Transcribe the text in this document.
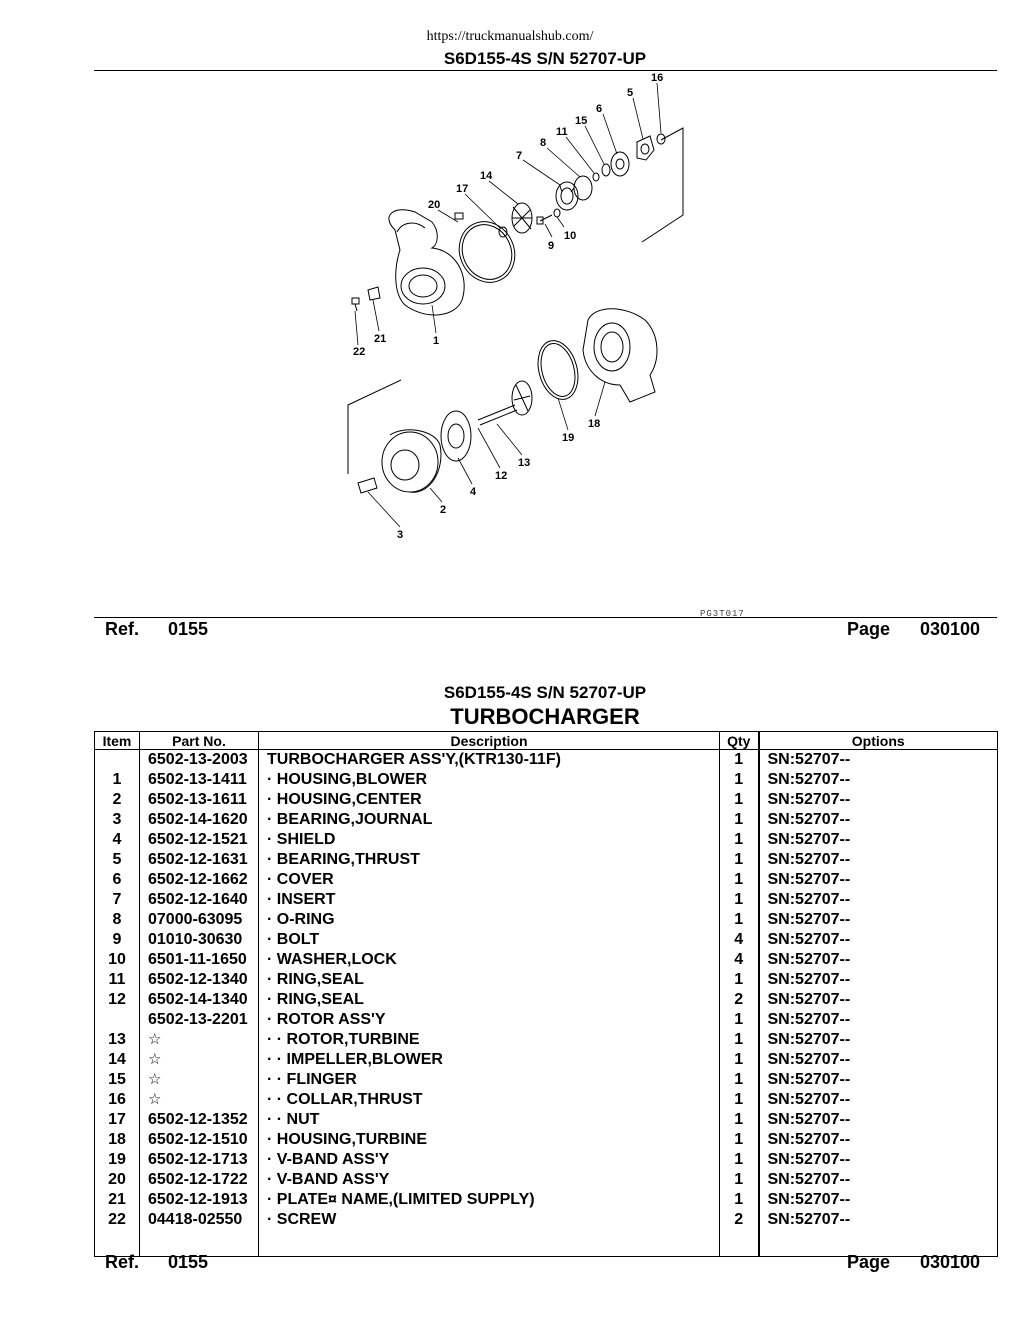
https://truckmanualshub.com/
S6D155-4S S/N 52707-UP
16
5
6
15
11
8
7
14
17
20
10
9
21	1
22
18
19
13
12
4
2
3
PG3T017
Ref. 0155	Page 030100
S6D155-4S S/N 52707-UP
TURBOCHARGER
Item	Part No.	Description	Qty	Options
	6502-13-2003	TURBOCHARGER ASS'Y,(KTR130-11F)	1	SN:52707--
1	6502-13-1411	· HOUSING,BLOWER	1	SN:52707--
2	6502-13-1611	· HOUSING,CENTER	1	SN:52707--
3	6502-14-1620	· BEARING,JOURNAL	1	SN:52707--
4	6502-12-1521	· SHIELD	1	SN:52707--
5	6502-12-1631	· BEARING,THRUST	1	SN:52707--
6	6502-12-1662	· COVER	1	SN:52707--
7	6502-12-1640	· INSERT	1	SN:52707--
8	07000-63095	· O-RING	1	SN:52707--
9	01010-30630	· BOLT	4	SN:52707--
10	6501-11-1650	· WASHER,LOCK	4	SN:52707--
11	6502-12-1340	· RING,SEAL	1	SN:52707--
12	6502-14-1340	· RING,SEAL	2	SN:52707--
	6502-13-2201	· ROTOR ASS'Y	1	SN:52707--
13	☆	· · ROTOR,TURBINE	1	SN:52707--
14	☆	· · IMPELLER,BLOWER	1	SN:52707--
15	☆	· · FLINGER	1	SN:52707--
16	☆	· · COLLAR,THRUST	1	SN:52707--
17	6502-12-1352	· · NUT	1	SN:52707--
18	6502-12-1510	· HOUSING,TURBINE	1	SN:52707--
19	6502-12-1713	· V-BAND ASS'Y	1	SN:52707--
20	6502-12-1722	· V-BAND ASS'Y	1	SN:52707--
21	6502-12-1913	· PLATE¤ NAME,(LIMITED SUPPLY)	1	SN:52707--
22	04418-02550	· SCREW	2	SN:52707--

Ref. 0155	Page 030100
